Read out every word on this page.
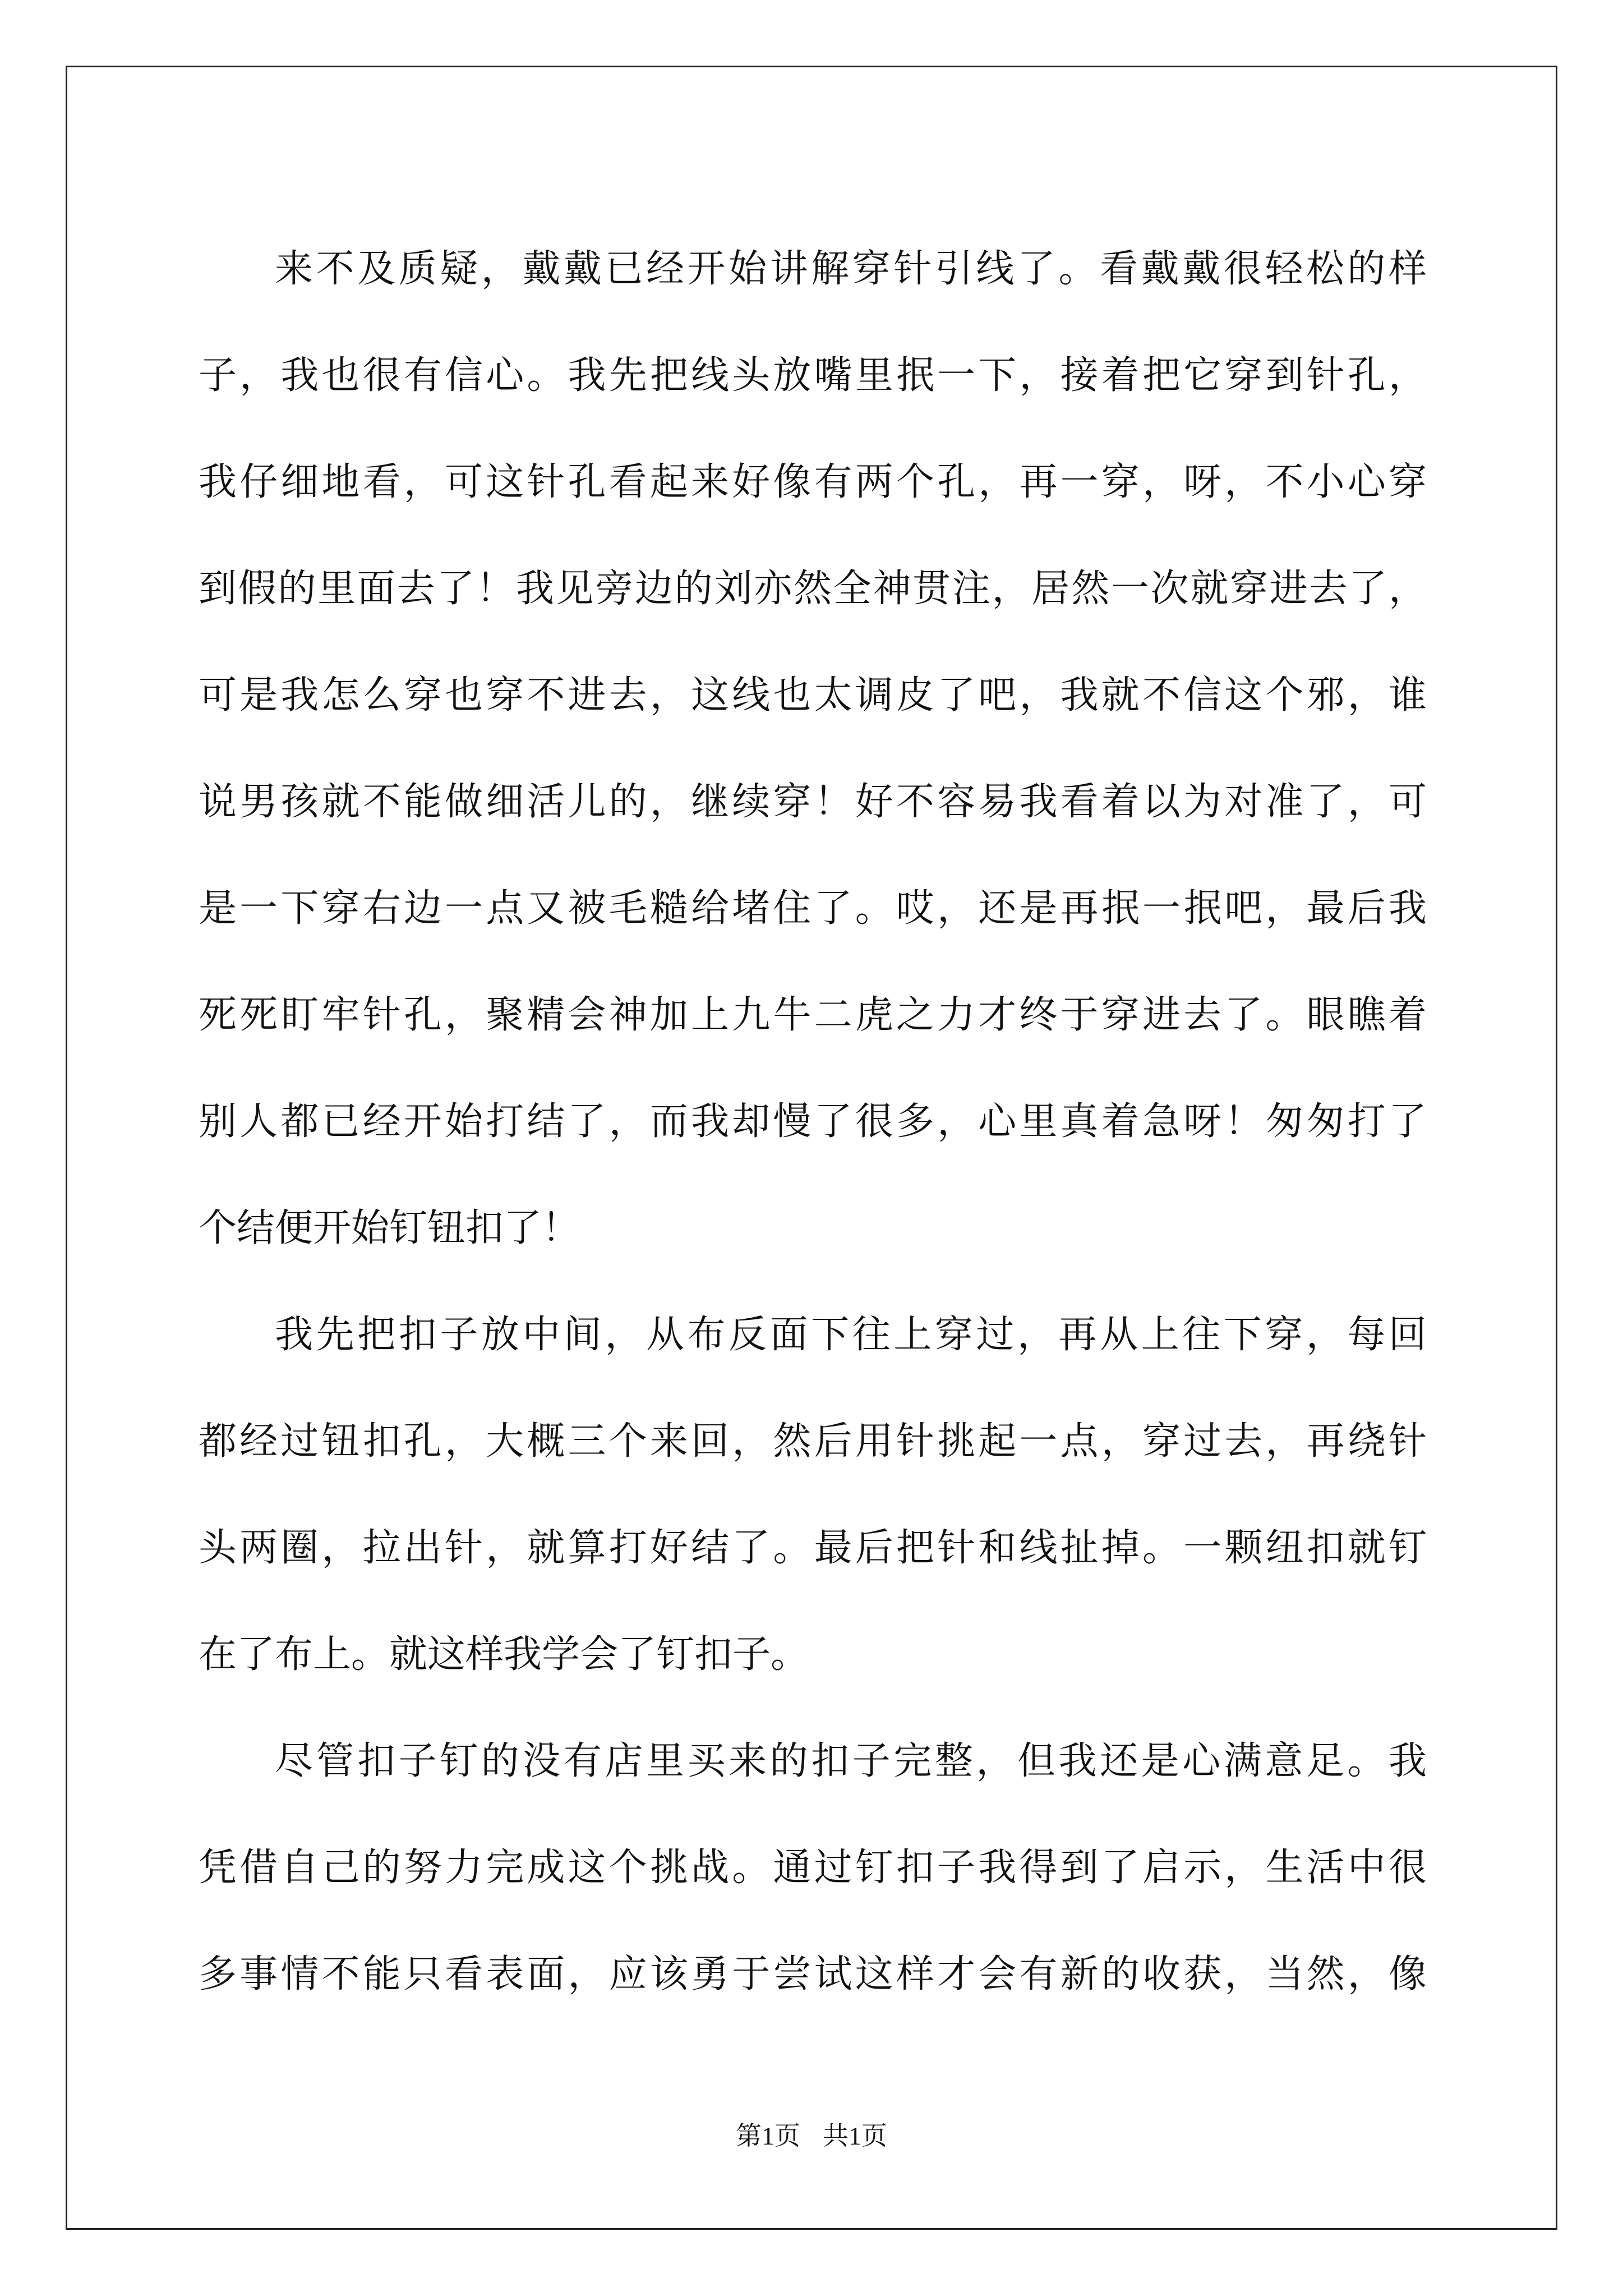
来不及质疑，戴戴已经开始讲解穿针引线了。看戴戴很轻松的样
子，我也很有信心。我先把线头放嘴里抿一下，接着把它穿到针孔，
我仔细地看，可这针孔看起来好像有两个孔，再一穿，呀，不小心穿
到假的里面去了！我见旁边的刘亦然全神贯注，居然一次就穿进去了，
可是我怎么穿也穿不进去，这线也太调皮了吧，我就不信这个邪，谁
说男孩就不能做细活儿的，继续穿！好不容易我看着以为对准了，可
是一下穿右边一点又被毛糙给堵住了。哎，还是再抿一抿吧，最后我
死死盯牢针孔，聚精会神加上九牛二虎之力才终于穿进去了。眼瞧着
别人都已经开始打结了，而我却慢了很多，心里真着急呀！匆匆打了
个结便开始钉钮扣了！
我先把扣子放中间，从布反面下往上穿过，再从上往下穿，每回
都经过钮扣孔，大概三个来回，然后用针挑起一点，穿过去，再绕针
头两圈，拉出针，就算打好结了。最后把针和线扯掉。一颗纽扣就钉
在了布上。就这样我学会了钉扣子。
尽管扣子钉的没有店里买来的扣子完整，但我还是心满意足。我
凭借自己的努力完成这个挑战。通过钉扣子我得到了启示，生活中很
多事情不能只看表面，应该勇于尝试这样才会有新的收获，当然，像
第1页 共1页
